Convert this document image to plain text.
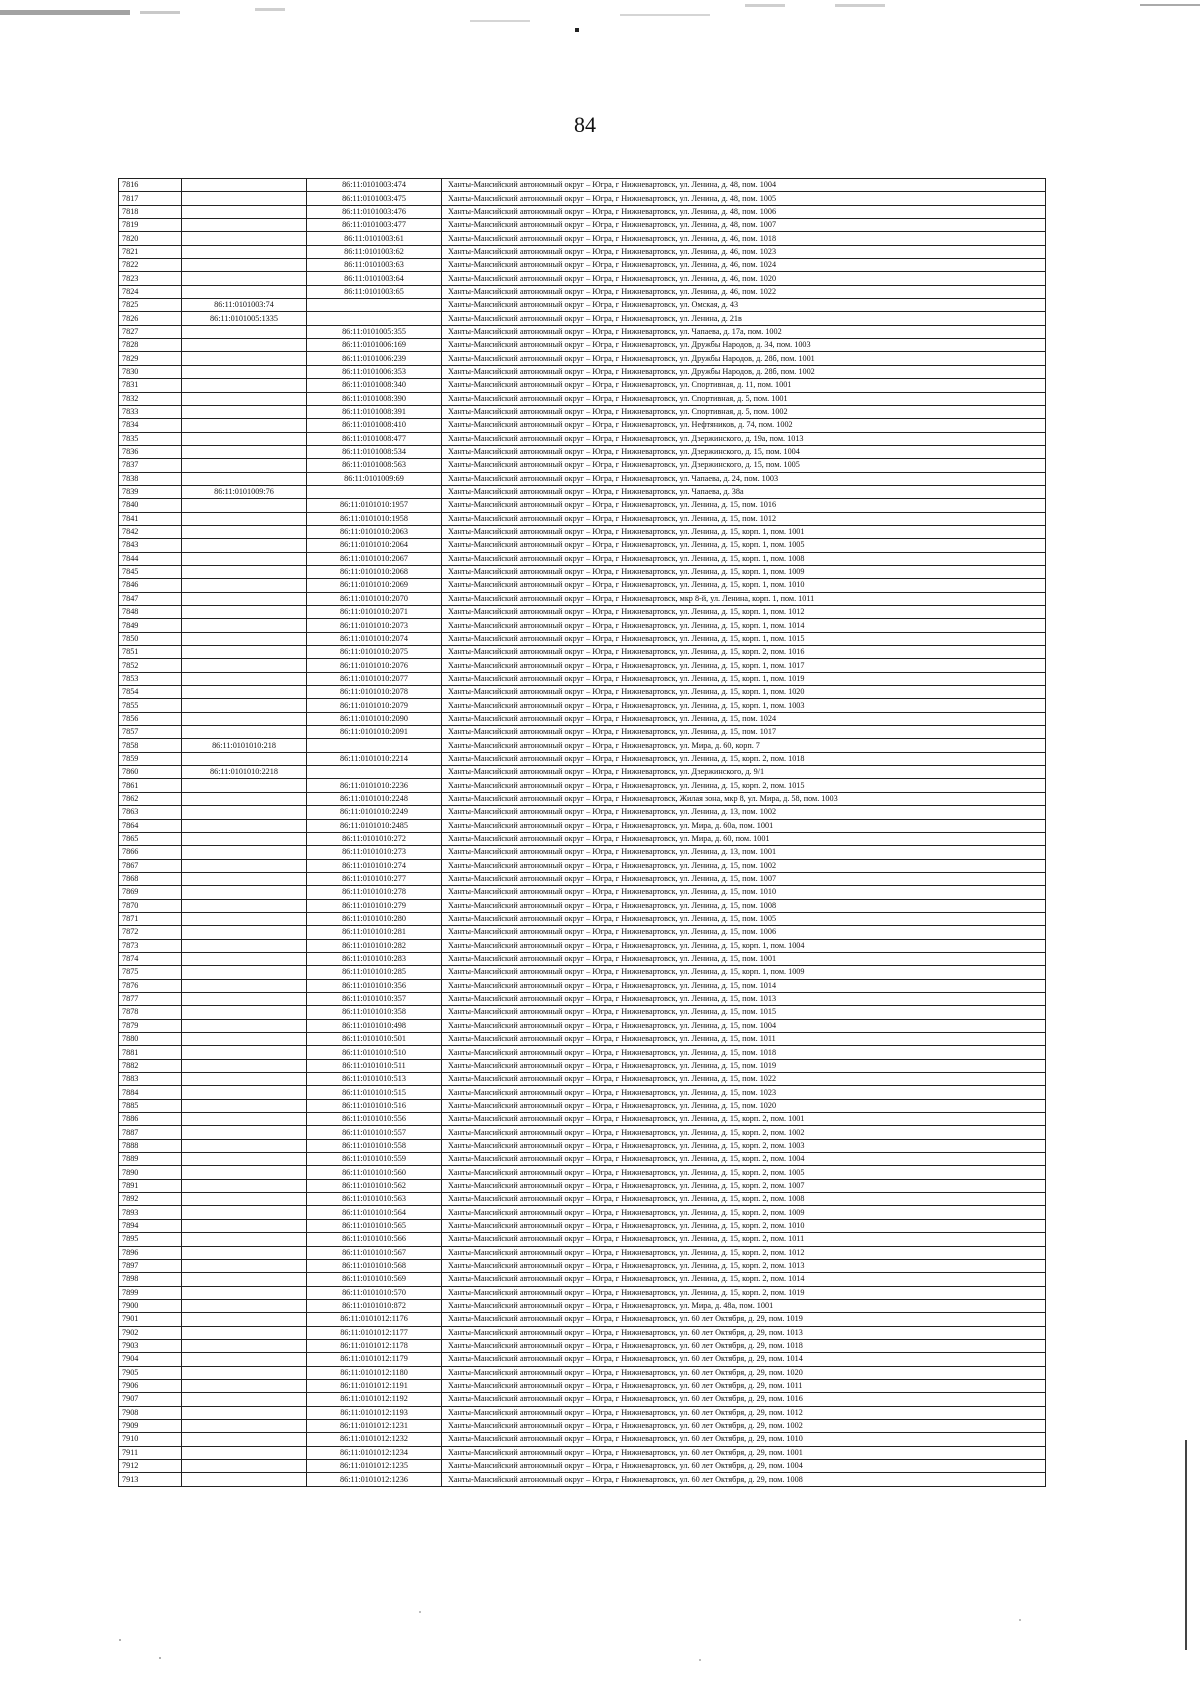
84
7816		86:11:0101003:474	Ханты-Мансийский автономный округ – Югра, г Нижневартовск, ул. Ленина, д. 48, пом. 1004
7817		86:11:0101003:475	Ханты-Мансийский автономный округ – Югра, г Нижневартовск, ул. Ленина, д. 48, пом. 1005
7818		86:11:0101003:476	Ханты-Мансийский автономный округ – Югра, г Нижневартовск, ул. Ленина, д. 48, пом. 1006
7819		86:11:0101003:477	Ханты-Мансийский автономный округ – Югра, г Нижневартовск, ул. Ленина, д. 48, пом. 1007
7820		86:11:0101003:61	Ханты-Мансийский автономный округ – Югра, г Нижневартовск, ул. Ленина, д. 46, пом. 1018
7821		86:11:0101003:62	Ханты-Мансийский автономный округ – Югра, г Нижневартовск, ул. Ленина, д. 46, пом. 1023
7822		86:11:0101003:63	Ханты-Мансийский автономный округ – Югра, г Нижневартовск, ул. Ленина, д. 46, пом. 1024
7823		86:11:0101003:64	Ханты-Мансийский автономный округ – Югра, г Нижневартовск, ул. Ленина, д. 46, пом. 1020
7824		86:11:0101003:65	Ханты-Мансийский автономный округ – Югра, г Нижневартовск, ул. Ленина, д. 46, пом. 1022
7825	86:11:0101003:74		Ханты-Мансийский автономный округ – Югра, г Нижневартовск, ул. Омская, д. 43
7826	86:11:0101005:1335		Ханты-Мансийский автономный округ – Югра, г Нижневартовск, ул. Ленина, д. 21в
7827		86:11:0101005:355	Ханты-Мансийский автономный округ – Югра, г Нижневартовск, ул. Чапаева, д. 17а, пом. 1002
7828		86:11:0101006:169	Ханты-Мансийский автономный округ – Югра, г Нижневартовск, ул. Дружбы Народов, д. 34, пом. 1003
7829		86:11:0101006:239	Ханты-Мансийский автономный округ – Югра, г Нижневартовск, ул. Дружбы Народов, д. 28б, пом. 1001
7830		86:11:0101006:353	Ханты-Мансийский автономный округ – Югра, г Нижневартовск, ул. Дружбы Народов, д. 28б, пом. 1002
7831		86:11:0101008:340	Ханты-Мансийский автономный округ – Югра, г Нижневартовск, ул. Спортивная, д. 11, пом. 1001
7832		86:11:0101008:390	Ханты-Мансийский автономный округ – Югра, г Нижневартовск, ул. Спортивная, д. 5, пом. 1001
7833		86:11:0101008:391	Ханты-Мансийский автономный округ – Югра, г Нижневартовск, ул. Спортивная, д. 5, пом. 1002
7834		86:11:0101008:410	Ханты-Мансийский автономный округ – Югра, г Нижневартовск, ул. Нефтяников, д. 74, пом. 1002
7835		86:11:0101008:477	Ханты-Мансийский автономный округ – Югра, г Нижневартовск, ул. Дзержинского, д. 19а, пом. 1013
7836		86:11:0101008:534	Ханты-Мансийский автономный округ – Югра, г Нижневартовск, ул. Дзержинского, д. 15, пом. 1004
7837		86:11:0101008:563	Ханты-Мансийский автономный округ – Югра, г Нижневартовск, ул. Дзержинского, д. 15, пом. 1005
7838		86:11:0101009:69	Ханты-Мансийский автономный округ – Югра, г Нижневартовск, ул. Чапаева, д. 24, пом. 1003
7839	86:11:0101009:76		Ханты-Мансийский автономный округ – Югра, г Нижневартовск, ул. Чапаева, д. 38а
7840		86:11:0101010:1957	Ханты-Мансийский автономный округ – Югра, г Нижневартовск, ул. Ленина, д. 15, пом. 1016
7841		86:11:0101010:1958	Ханты-Мансийский автономный округ – Югра, г Нижневартовск, ул. Ленина, д. 15, пом. 1012
7842		86:11:0101010:2063	Ханты-Мансийский автономный округ – Югра, г Нижневартовск, ул. Ленина, д. 15, корп. 1, пом. 1001
7843		86:11:0101010:2064	Ханты-Мансийский автономный округ – Югра, г Нижневартовск, ул. Ленина, д. 15, корп. 1, пом. 1005
7844		86:11:0101010:2067	Ханты-Мансийский автономный округ – Югра, г Нижневартовск, ул. Ленина, д. 15, корп. 1, пом. 1008
7845		86:11:0101010:2068	Ханты-Мансийский автономный округ – Югра, г Нижневартовск, ул. Ленина, д. 15, корп. 1, пом. 1009
7846		86:11:0101010:2069	Ханты-Мансийский автономный округ – Югра, г Нижневартовск, ул. Ленина, д. 15, корп. 1, пом. 1010
7847		86:11:0101010:2070	Ханты-Мансийский автономный округ – Югра, г Нижневартовск, мкр 8-й, ул. Ленина, корп. 1, пом. 1011
7848		86:11:0101010:2071	Ханты-Мансийский автономный округ – Югра, г Нижневартовск, ул. Ленина, д. 15, корп. 1, пом. 1012
7849		86:11:0101010:2073	Ханты-Мансийский автономный округ – Югра, г Нижневартовск, ул. Ленина, д. 15, корп. 1, пом. 1014
7850		86:11:0101010:2074	Ханты-Мансийский автономный округ – Югра, г Нижневартовск, ул. Ленина, д. 15, корп. 1, пом. 1015
7851		86:11:0101010:2075	Ханты-Мансийский автономный округ – Югра, г Нижневартовск, ул. Ленина, д. 15, корп. 2, пом. 1016
7852		86:11:0101010:2076	Ханты-Мансийский автономный округ – Югра, г Нижневартовск, ул. Ленина, д. 15, корп. 1, пом. 1017
7853		86:11:0101010:2077	Ханты-Мансийский автономный округ – Югра, г Нижневартовск, ул. Ленина, д. 15, корп. 1, пом. 1019
7854		86:11:0101010:2078	Ханты-Мансийский автономный округ – Югра, г Нижневартовск, ул. Ленина, д. 15, корп. 1, пом. 1020
7855		86:11:0101010:2079	Ханты-Мансийский автономный округ – Югра, г Нижневартовск, ул. Ленина, д. 15, корп. 1, пом. 1003
7856		86:11:0101010:2090	Ханты-Мансийский автономный округ – Югра, г Нижневартовск, ул. Ленина, д. 15, пом. 1024
7857		86:11:0101010:2091	Ханты-Мансийский автономный округ – Югра, г Нижневартовск, ул. Ленина, д. 15, пом. 1017
7858	86:11:0101010:218		Ханты-Мансийский автономный округ – Югра, г Нижневартовск, ул. Мира, д. 60, корп. 7
7859		86:11:0101010:2214	Ханты-Мансийский автономный округ – Югра, г Нижневартовск, ул. Ленина, д. 15, корп. 2, пом. 1018
7860	86:11:0101010:2218		Ханты-Мансийский автономный округ – Югра, г Нижневартовск, ул. Дзержинского, д. 9/1
7861		86:11:0101010:2236	Ханты-Мансийский автономный округ – Югра, г Нижневартовск, ул. Ленина, д. 15, корп. 2, пом. 1015
7862		86:11:0101010:2248	Ханты-Мансийский автономный округ – Югра, г Нижневартовск, Жилая зона, мкр 8, ул. Мира, д. 58, пом. 1003
7863		86:11:0101010:2249	Ханты-Мансийский автономный округ – Югра, г Нижневартовск, ул. Ленина, д. 13, пом. 1002
7864		86:11:0101010:2485	Ханты-Мансийский автономный округ – Югра, г Нижневартовск, ул. Мира, д. 60а, пом. 1001
7865		86:11:0101010:272	Ханты-Мансийский автономный округ – Югра, г Нижневартовск, ул. Мира, д. 60, пом. 1001
7866		86:11:0101010:273	Ханты-Мансийский автономный округ – Югра, г Нижневартовск, ул. Ленина, д. 13, пом. 1001
7867		86:11:0101010:274	Ханты-Мансийский автономный округ – Югра, г Нижневартовск, ул. Ленина, д. 15, пом. 1002
7868		86:11:0101010:277	Ханты-Мансийский автономный округ – Югра, г Нижневартовск, ул. Ленина, д. 15, пом. 1007
7869		86:11:0101010:278	Ханты-Мансийский автономный округ – Югра, г Нижневартовск, ул. Ленина, д. 15, пом. 1010
7870		86:11:0101010:279	Ханты-Мансийский автономный округ – Югра, г Нижневартовск, ул. Ленина, д. 15, пом. 1008
7871		86:11:0101010:280	Ханты-Мансийский автономный округ – Югра, г Нижневартовск, ул. Ленина, д. 15, пом. 1005
7872		86:11:0101010:281	Ханты-Мансийский автономный округ – Югра, г Нижневартовск, ул. Ленина, д. 15, пом. 1006
7873		86:11:0101010:282	Ханты-Мансийский автономный округ – Югра, г Нижневартовск, ул. Ленина, д. 15, корп. 1, пом. 1004
7874		86:11:0101010:283	Ханты-Мансийский автономный округ – Югра, г Нижневартовск, ул. Ленина, д. 15, пом. 1001
7875		86:11:0101010:285	Ханты-Мансийский автономный округ – Югра, г Нижневартовск, ул. Ленина, д. 15, корп. 1, пом. 1009
7876		86:11:0101010:356	Ханты-Мансийский автономный округ – Югра, г Нижневартовск, ул. Ленина, д. 15, пом. 1014
7877		86:11:0101010:357	Ханты-Мансийский автономный округ – Югра, г Нижневартовск, ул. Ленина, д. 15, пом. 1013
7878		86:11:0101010:358	Ханты-Мансийский автономный округ – Югра, г Нижневартовск, ул. Ленина, д. 15, пом. 1015
7879		86:11:0101010:498	Ханты-Мансийский автономный округ – Югра, г Нижневартовск, ул. Ленина, д. 15, пом. 1004
7880		86:11:0101010:501	Ханты-Мансийский автономный округ – Югра, г Нижневартовск, ул. Ленина, д. 15, пом. 1011
7881		86:11:0101010:510	Ханты-Мансийский автономный округ – Югра, г Нижневартовск, ул. Ленина, д. 15, пом. 1018
7882		86:11:0101010:511	Ханты-Мансийский автономный округ – Югра, г Нижневартовск, ул. Ленина, д. 15, пом. 1019
7883		86:11:0101010:513	Ханты-Мансийский автономный округ – Югра, г Нижневартовск, ул. Ленина, д. 15, пом. 1022
7884		86:11:0101010:515	Ханты-Мансийский автономный округ – Югра, г Нижневартовск, ул. Ленина, д. 15, пом. 1023
7885		86:11:0101010:516	Ханты-Мансийский автономный округ – Югра, г Нижневартовск, ул. Ленина, д. 15, пом. 1020
7886		86:11:0101010:556	Ханты-Мансийский автономный округ – Югра, г Нижневартовск, ул. Ленина, д. 15, корп. 2, пом. 1001
7887		86:11:0101010:557	Ханты-Мансийский автономный округ – Югра, г Нижневартовск, ул. Ленина, д. 15, корп. 2, пом. 1002
7888		86:11:0101010:558	Ханты-Мансийский автономный округ – Югра, г Нижневартовск, ул. Ленина, д. 15, корп. 2, пом. 1003
7889		86:11:0101010:559	Ханты-Мансийский автономный округ – Югра, г Нижневартовск, ул. Ленина, д. 15, корп. 2, пом. 1004
7890		86:11:0101010:560	Ханты-Мансийский автономный округ – Югра, г Нижневартовск, ул. Ленина, д. 15, корп. 2, пом. 1005
7891		86:11:0101010:562	Ханты-Мансийский автономный округ – Югра, г Нижневартовск, ул. Ленина, д. 15, корп. 2, пом. 1007
7892		86:11:0101010:563	Ханты-Мансийский автономный округ – Югра, г Нижневартовск, ул. Ленина, д. 15, корп. 2, пом. 1008
7893		86:11:0101010:564	Ханты-Мансийский автономный округ – Югра, г Нижневартовск, ул. Ленина, д. 15, корп. 2, пом. 1009
7894		86:11:0101010:565	Ханты-Мансийский автономный округ – Югра, г Нижневартовск, ул. Ленина, д. 15, корп. 2, пом. 1010
7895		86:11:0101010:566	Ханты-Мансийский автономный округ – Югра, г Нижневартовск, ул. Ленина, д. 15, корп. 2, пом. 1011
7896		86:11:0101010:567	Ханты-Мансийский автономный округ – Югра, г Нижневартовск, ул. Ленина, д. 15, корп. 2, пом. 1012
7897		86:11:0101010:568	Ханты-Мансийский автономный округ – Югра, г Нижневартовск, ул. Ленина, д. 15, корп. 2, пом. 1013
7898		86:11:0101010:569	Ханты-Мансийский автономный округ – Югра, г Нижневартовск, ул. Ленина, д. 15, корп. 2, пом. 1014
7899		86:11:0101010:570	Ханты-Мансийский автономный округ – Югра, г Нижневартовск, ул. Ленина, д. 15, корп. 2, пом. 1019
7900		86:11:0101010:872	Ханты-Мансийский автономный округ – Югра, г Нижневартовск, ул. Мира, д. 48а, пом. 1001
7901		86:11:0101012:1176	Ханты-Мансийский автономный округ – Югра, г Нижневартовск, ул. 60 лет Октября, д. 29, пом. 1019
7902		86:11:0101012:1177	Ханты-Мансийский автономный округ – Югра, г Нижневартовск, ул. 60 лет Октября, д. 29, пом. 1013
7903		86:11:0101012:1178	Ханты-Мансийский автономный округ – Югра, г Нижневартовск, ул. 60 лет Октября, д. 29, пом. 1018
7904		86:11:0101012:1179	Ханты-Мансийский автономный округ – Югра, г Нижневартовск, ул. 60 лет Октября, д. 29, пом. 1014
7905		86:11:0101012:1180	Ханты-Мансийский автономный округ – Югра, г Нижневартовск, ул. 60 лет Октября, д. 29, пом. 1020
7906		86:11:0101012:1191	Ханты-Мансийский автономный округ – Югра, г Нижневартовск, ул. 60 лет Октября, д. 29, пом. 1011
7907		86:11:0101012:1192	Ханты-Мансийский автономный округ – Югра, г Нижневартовск, ул. 60 лет Октября, д. 29, пом. 1016
7908		86:11:0101012:1193	Ханты-Мансийский автономный округ – Югра, г Нижневартовск, ул. 60 лет Октября, д. 29, пом. 1012
7909		86:11:0101012:1231	Ханты-Мансийский автономный округ – Югра, г Нижневартовск, ул. 60 лет Октября, д. 29, пом. 1002
7910		86:11:0101012:1232	Ханты-Мансийский автономный округ – Югра, г Нижневартовск, ул. 60 лет Октября, д. 29, пом. 1010
7911		86:11:0101012:1234	Ханты-Мансийский автономный округ – Югра, г Нижневартовск, ул. 60 лет Октября, д. 29, пом. 1001
7912		86:11:0101012:1235	Ханты-Мансийский автономный округ – Югра, г Нижневартовск, ул. 60 лет Октября, д. 29, пом. 1004
7913		86:11:0101012:1236	Ханты-Мансийский автономный округ – Югра, г Нижневартовск, ул. 60 лет Октября, д. 29, пом. 1008
